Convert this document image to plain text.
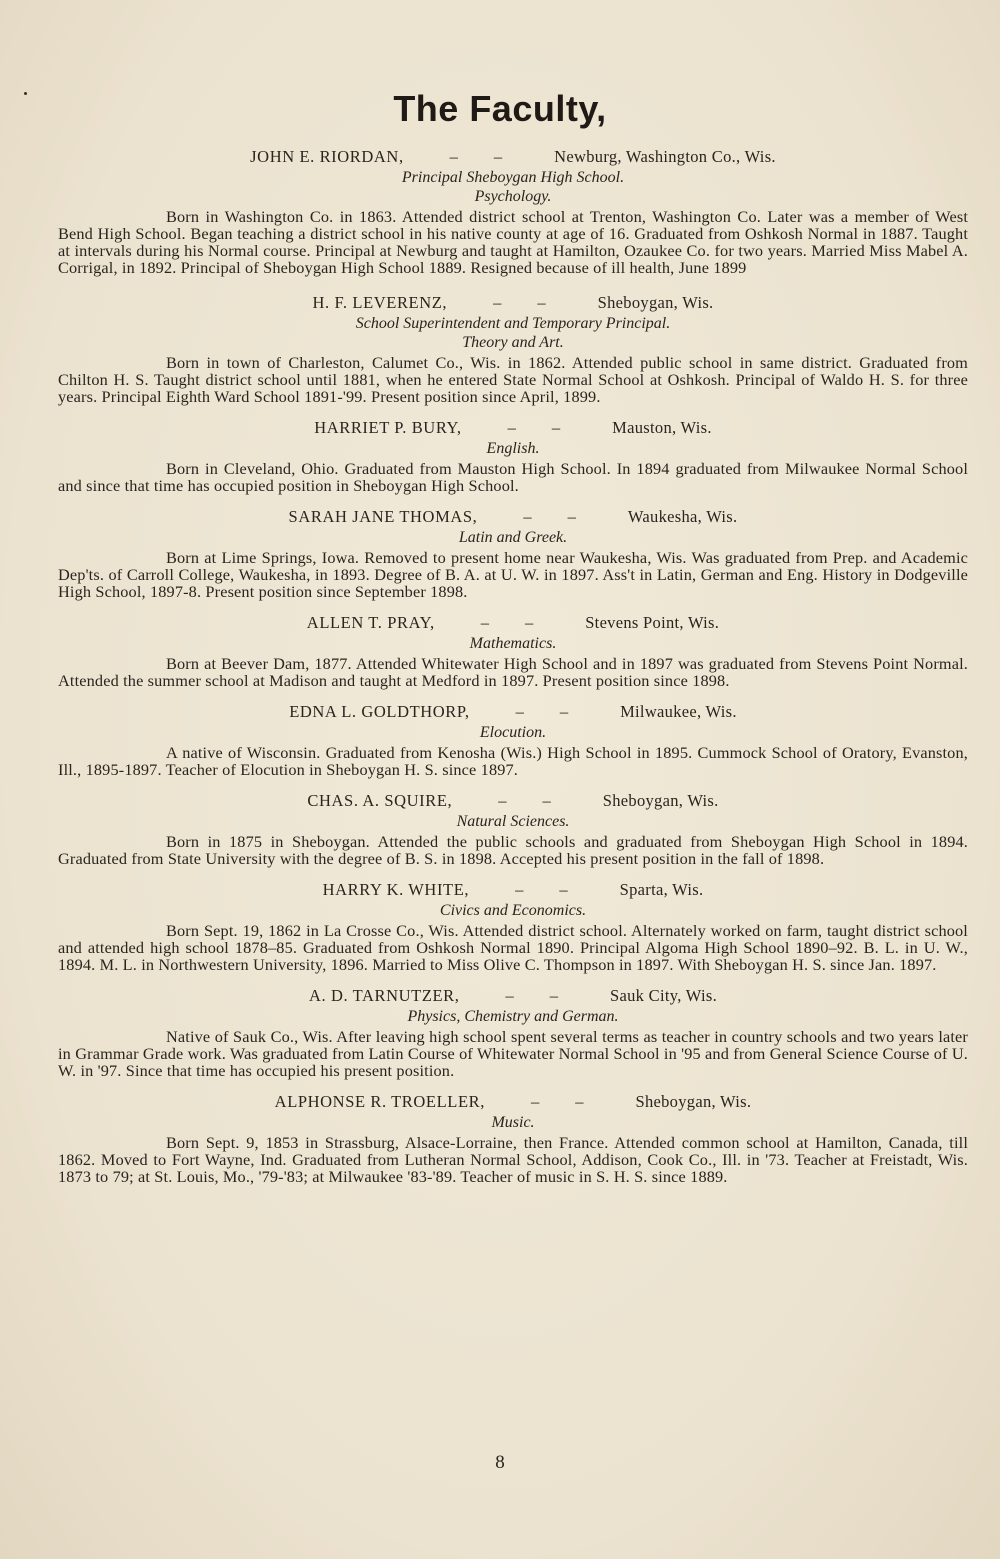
The Faculty,
JOHN E. RIORDAN,	– –	Newburg, Washington Co., Wis.
Principal Sheboygan High School.
Psychology.
Born in Washington Co. in 1863. Attended district school at Trenton, Washington Co. Later was a member of West Bend High School. Began teaching a district school in his native county at age of 16. Graduated from Oshkosh Normal in 1887. Taught at intervals during his Normal course. Principal at Newburg and taught at Hamilton, Ozaukee Co. for two years. Married Miss Mabel A. Corrigal, in 1892. Principal of Sheboygan High School 1889. Resigned because of ill health, June 1899
H. F. LEVERENZ,	– –	Sheboygan, Wis.
School Superintendent and Temporary Principal.
Theory and Art.
Born in town of Charleston, Calumet Co., Wis. in 1862. Attended public school in same district. Graduated from Chilton H. S. Taught district school until 1881, when he entered State Normal School at Oshkosh. Principal of Waldo H. S. for three years. Principal Eighth Ward School 1891-'99. Present position since April, 1899.
HARRIET P. BURY,	– –	Mauston, Wis.
English.
Born in Cleveland, Ohio. Graduated from Mauston High School. In 1894 graduated from Milwaukee Normal School and since that time has occupied position in Sheboygan High School.
SARAH JANE THOMAS,	– –	Waukesha, Wis.
Latin and Greek.
Born at Lime Springs, Iowa. Removed to present home near Waukesha, Wis. Was graduated from Prep. and Academic Dep'ts. of Carroll College, Waukesha, in 1893. Degree of B. A. at U. W. in 1897. Ass't in Latin, German and Eng. History in Dodgeville High School, 1897-8. Present position since September 1898.
ALLEN T. PRAY,	– –	Stevens Point, Wis.
Mathematics.
Born at Beever Dam, 1877. Attended Whitewater High School and in 1897 was graduated from Stevens Point Normal. Attended the summer school at Madison and taught at Medford in 1897. Present position since 1898.
EDNA L. GOLDTHORP,	– –	Milwaukee, Wis.
Elocution.
A native of Wisconsin. Graduated from Kenosha (Wis.) High School in 1895. Cummock School of Oratory, Evanston, Ill., 1895-1897. Teacher of Elocution in Sheboygan H. S. since 1897.
CHAS. A. SQUIRE,	– –	Sheboygan, Wis.
Natural Sciences.
Born in 1875 in Sheboygan. Attended the public schools and graduated from Sheboygan High School in 1894. Graduated from State University with the degree of B. S. in 1898. Accepted his present position in the fall of 1898.
HARRY K. WHITE,	– –	Sparta, Wis.
Civics and Economics.
Born Sept. 19, 1862 in La Crosse Co., Wis. Attended district school. Alternately worked on farm, taught district school and attended high school 1878–85. Graduated from Oshkosh Normal 1890. Principal Algoma High School 1890–92. B. L. in U. W., 1894. M. L. in Northwestern University, 1896. Married to Miss Olive C. Thompson in 1897. With Sheboygan H. S. since Jan. 1897.
A. D. TARNUTZER,	– –	Sauk City, Wis.
Physics, Chemistry and German.
Native of Sauk Co., Wis. After leaving high school spent several terms as teacher in country schools and two years later in Grammar Grade work. Was graduated from Latin Course of Whitewater Normal School in '95 and from General Science Course of U. W. in '97. Since that time has occupied his present position.
ALPHONSE R. TROELLER,	– –	Sheboygan, Wis.
Music.
Born Sept. 9, 1853 in Strassburg, Alsace-Lorraine, then France. Attended common school at Hamilton, Canada, till 1862. Moved to Fort Wayne, Ind. Graduated from Lutheran Normal School, Addison, Cook Co., Ill. in '73. Teacher at Freistadt, Wis. 1873 to 79; at St. Louis, Mo., '79-'83; at Milwaukee '83-'89. Teacher of music in S. H. S. since 1889.
8
